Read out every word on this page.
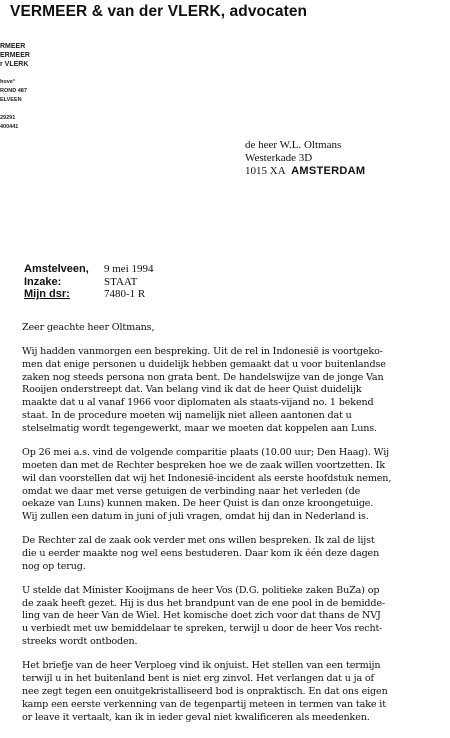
VERMEER & van der VLERK, advocaten
RMEER
ERMEER
r VLERK
hove°
ROND 487
ELVEEN
29291
400441
de heer W.L. Oltmans
Westerkade 3D
1015 XA AMSTERDAM
Amstelveen,	9 mei 1994
Inzake:	STAAT
Mijn dsr:	7480-1 R

Zeer geachte heer Oltmans,

Wij hadden vanmorgen een bespreking. Uit de rel in Indonesië is voortgeko-
men dat enige personen u duidelijk hebben gemaakt dat u voor buitenlandse
zaken nog steeds persona non grata bent. De handelswijze van de jonge Van
Rooijen onderstreept dat. Van belang vind ik dat de heer Quist duidelijk
maakte dat u al vanaf 1966 voor diplomaten als staats-vijand no. 1 bekend
staat. In de procedure moeten wij namelijk niet alleen aantonen dat u
stelselmatig wordt tegengewerkt, maar we moeten dat koppelen aan Luns.

Op 26 mei a.s. vind de volgende comparitie plaats (10.00 uur; Den Haag). Wij
moeten dan met de Rechter bespreken hoe we de zaak willen voortzetten. Ik
wil dan voorstellen dat wij het Indonesië-incident als eerste hoofdstuk nemen,
omdat we daar met verse getuigen de verbinding naar het verleden (de
oekaze van Luns) kunnen maken. De heer Quist is dan onze kroongetuige.
Wij zullen een datum in juni of juli vragen, omdat hij dan in Nederland is.

De Rechter zal de zaak ook verder met ons willen bespreken. Ik zal de lijst
die u eerder maakte nog wel eens bestuderen. Daar kom ik één deze dagen
nog op terug.

U stelde dat Minister Kooijmans de heer Vos (D.G. politieke zaken BuZa) op
de zaak heeft gezet. Hij is dus het brandpunt van de ene pool in de bemidde-
ling van de heer Van de Wiel. Het komische doet zich voor dat thans de NVJ
u verbiedt met uw bemiddelaar te spreken, terwijl u door de heer Vos recht-
streeks wordt ontboden.

Het briefje van de heer Verploeg vind ik onjuist. Het stellen van een termijn
terwijl u in het buitenland bent is niet erg zinvol. Het verlangen dat u ja of
nee zegt tegen een onuitgekristalliseerd bod is onpraktisch. En dat ons eigen
kamp een eerste verkenning van de tegenpartij meteen in termen van take it
or leave it vertaalt, kan ik in ieder geval niet kwalificeren als meedenken.
